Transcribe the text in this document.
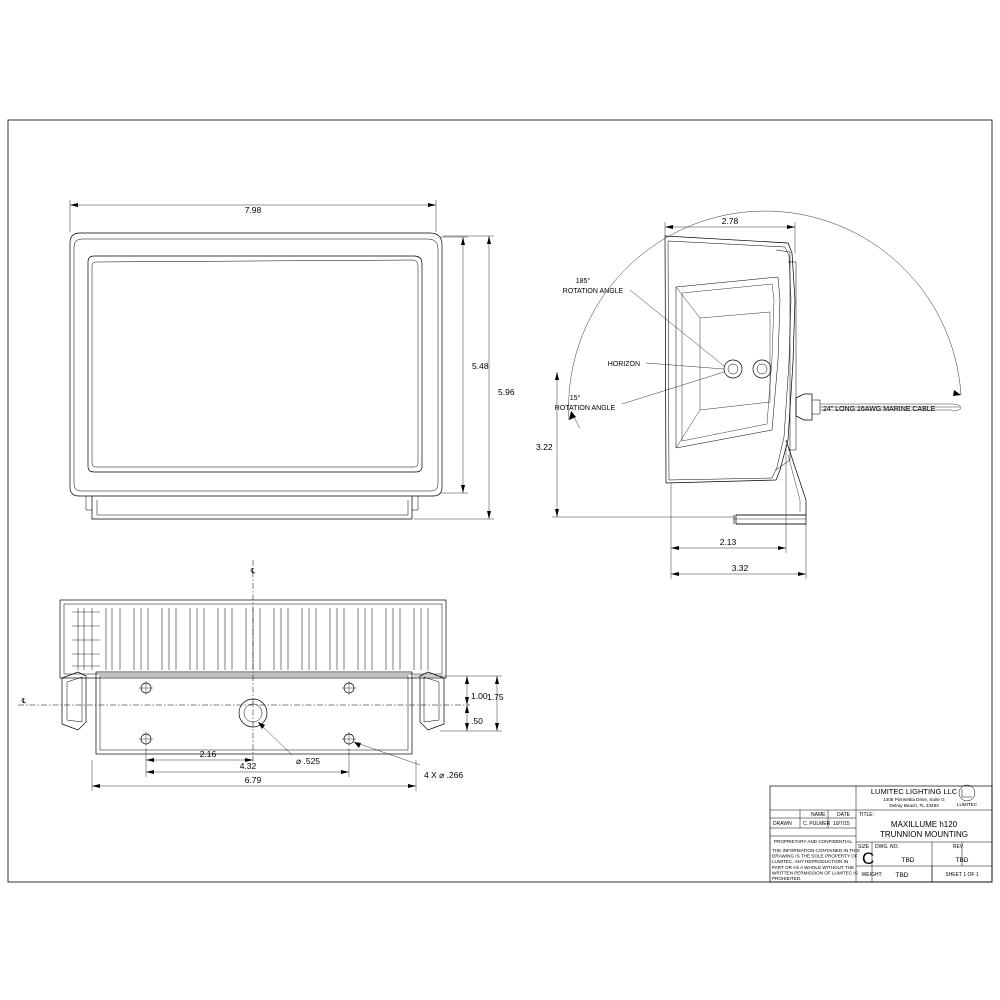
7.98
5.48
5.96
HORIZON
185°
ROTATION ANGLE
15°
ROTATION ANGLE	24" LONG 16AWG MARINE CABLE
2.78
3.22
2.13
3.32
℄
℄
6.79
4.32
2.16
1.75
.50
1.00
⌀ .525
4 X ⌀ .266
LUMITEC LIGHTING LLC
1408 Poinsettia Drive, Suite G
Delray Beach, FL 33483	LUMITEC
NAME DATE
DRAWN C. PULMER 10/7/15
PROPRIETARY AND CONFIDENTIAL
THE INFORMATION CONTAINED IN THIS DRAWING IS THE SOLE PROPERTY OF LUMITEC. ANY REPRODUCTION IN PART OR AS A WHOLE WITHOUT THE WRITTEN PERMISSION OF LUMITEC IS PROHIBITED.
TITLE:
MAXILLUME h120
TRUNNION MOUNTING
SIZE
C
DWG. NO.
TBD
REV
TBD
WEIGHT: TBD	SHEET 1 OF 1
